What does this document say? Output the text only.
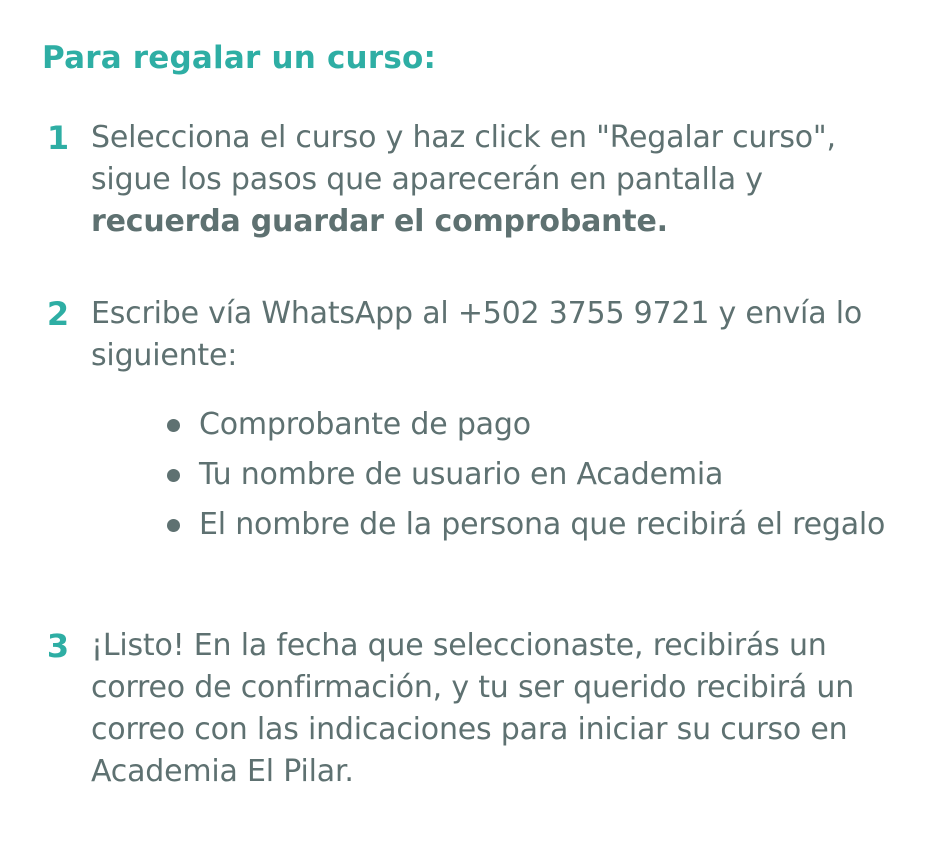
Para regalar un curso:
1 Selecciona el curso y haz click en "Regalar curso", sigue los pasos que aparecerán en pantalla y recuerda guardar el comprobante.
2 Escribe vía WhatsApp al +502 3755 9721 y envía lo siguiente:
Comprobante de pago
Tu nombre de usuario en Academia
El nombre de la persona que recibirá el regalo
3 ¡Listo! En la fecha que seleccionaste, recibirás un correo de confirmación, y tu ser querido recibirá un correo con las indicaciones para iniciar su curso en Academia El Pilar.
